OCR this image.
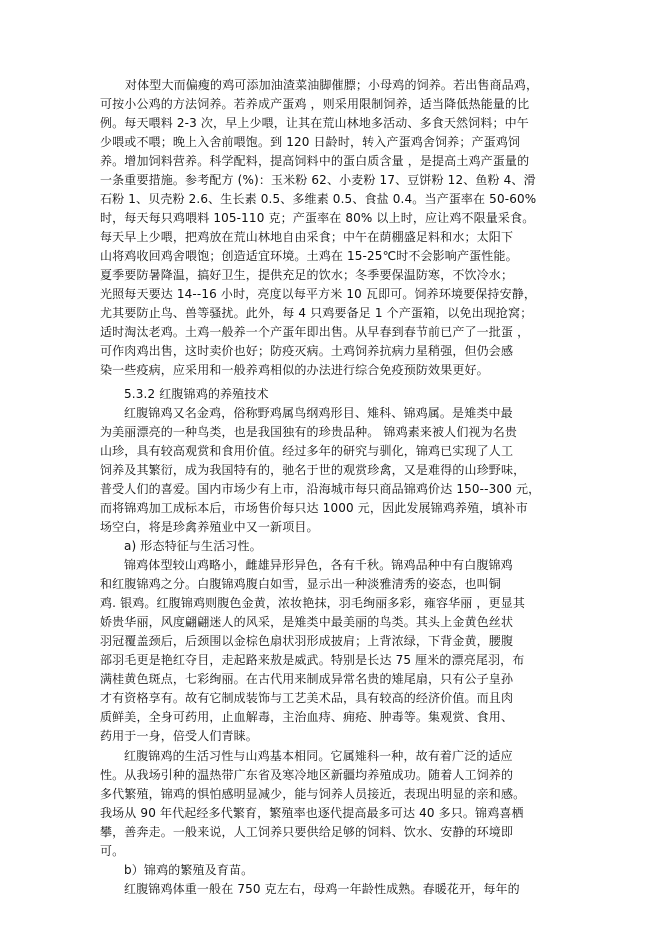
对体型大而偏瘦的鸡可添加油渣菜油脚催膘；小母鸡的饲养。若出售商品鸡，
可按小公鸡的方法饲养。若养成产蛋鸡 ，则采用限制饲养，适当降低热能量的比
例。每天喂料 2-3 次，早上少喂，让其在荒山林地多活动、多食天然饲料；中午
少喂或不喂；晚上入舍前喂饱。到 120 日龄时，转入产蛋鸡舍饲养；产蛋鸡饲
养。增加饲料营养。科学配料，提高饲料中的蛋白质含量 ，是提高土鸡产蛋量的
一条重要措施。参考配方 (%)：玉米粉 62、小麦粉 17、豆饼粉 12、鱼粉 4、滑
石粉 1、贝壳粉 2.6、生长素 0.5、多维素 0.5、食盐 0.4。当产蛋率在 50-60%
时，每天每只鸡喂料 105-110 克；产蛋率在 80% 以上时，应让鸡不限量采食。
每天早上少喂，把鸡放在荒山林地自由采食；中午在荫棚盛足料和水；太阳下
山将鸡收回鸡舍喂饱；创造适宜环境。土鸡在 15-25℃时不会影响产蛋性能。
夏季要防暑降温，搞好卫生，提供充足的饮水；冬季要保温防寒，不饮冷水；
光照每天要达 14--16 小时，亮度以每平方米 10 瓦即可。饲养环境要保持安静，
尤其要防止鸟、兽等骚扰。此外，每 4 只鸡要备足 1 个产蛋箱，以免出现抢窝；
适时淘汰老鸡。土鸡一般养一个产蛋年即出售。从早春到春节前已产了一批蛋 ，
可作肉鸡出售，这时卖价也好；防疫灭病。土鸡饲养抗病力星稍强，但仍会感
染一些疫病，应采用和一般养鸡相似的办法进行综合免疫预防效果更好。
5.3.2 红腹锦鸡的养殖技术
红腹锦鸡又名金鸡，俗称野鸡属鸟纲鸡形目、雉科、锦鸡属。是雉类中最
为美丽漂亮的一种鸟类，也是我国独有的珍贵品种。 锦鸡素来被人们视为名贵
山珍，具有较高观赏和食用价值。经过多年的研究与驯化，锦鸡已实现了人工
饲养及其繁衍，成为我国特有的，驰名于世的观赏珍禽，又是难得的山珍野味，
普受人们的喜爱。国内市场少有上市，沿海城市每只商品锦鸡价达 150--300 元，
而将锦鸡加工成标本后，市场售价每只达 1000 元，因此发展锦鸡养殖，填补市
场空白，将是珍禽养殖业中又一新项目。
a) 形态特征与生活习性。
锦鸡体型较山鸡略小，雌雄异形异色，各有千秋。锦鸡品种中有白腹锦鸡
和红腹锦鸡之分。白腹锦鸡腹白如雪，显示出一种淡雅清秀的姿态，也叫铜
鸡. 银鸡。红腹锦鸡则腹色金黄，浓妆艳抹，羽毛绚丽多彩，雍容华丽 ，更显其
娇贵华丽，风度翩翩迷人的风采，是雉类中最美丽的鸟类。其头上金黄色丝状
羽冠覆盖颈后，后颈围以金棕色扇状羽形成披肩；上背浓绿，下背金黄，腰腹
部羽毛更是艳红夺目，走起路来敖是威武。特别是长达 75 厘米的漂亮尾羽，布
满桂黄色斑点，七彩绚丽。在古代用来制成异常名贵的雉尾扇，只有公子皇孙
才有资格享有。故有它制成装饰与工艺美术品，具有较高的经济价值。而且肉
质鲜美，全身可药用，止血解毒，主治血痔、痈疮、肿毒等。集观赏、食用、
药用于一身，倍受人们青睐。
红腹锦鸡的生活习性与山鸡基本相同。它属雉科一种，故有着广泛的适应
性。从我场引种的温热带广东省及寒冷地区新疆均养殖成功。随着人工饲养的
多代繁殖，锦鸡的惧怕感明显减少，能与饲养人员接近，表现出明显的亲和感。
我场从 90 年代起经多代繁育，繁殖率也逐代提高最多可达 40 多只。锦鸡喜栖
攀，善奔走。一般来说，人工饲养只要供给足够的饲料、饮水、安静的环境即
可。
b）锦鸡的繁殖及育苗。
红腹锦鸡体重一般在 750 克左右，母鸡一年龄性成熟。春暖花开，每年的
